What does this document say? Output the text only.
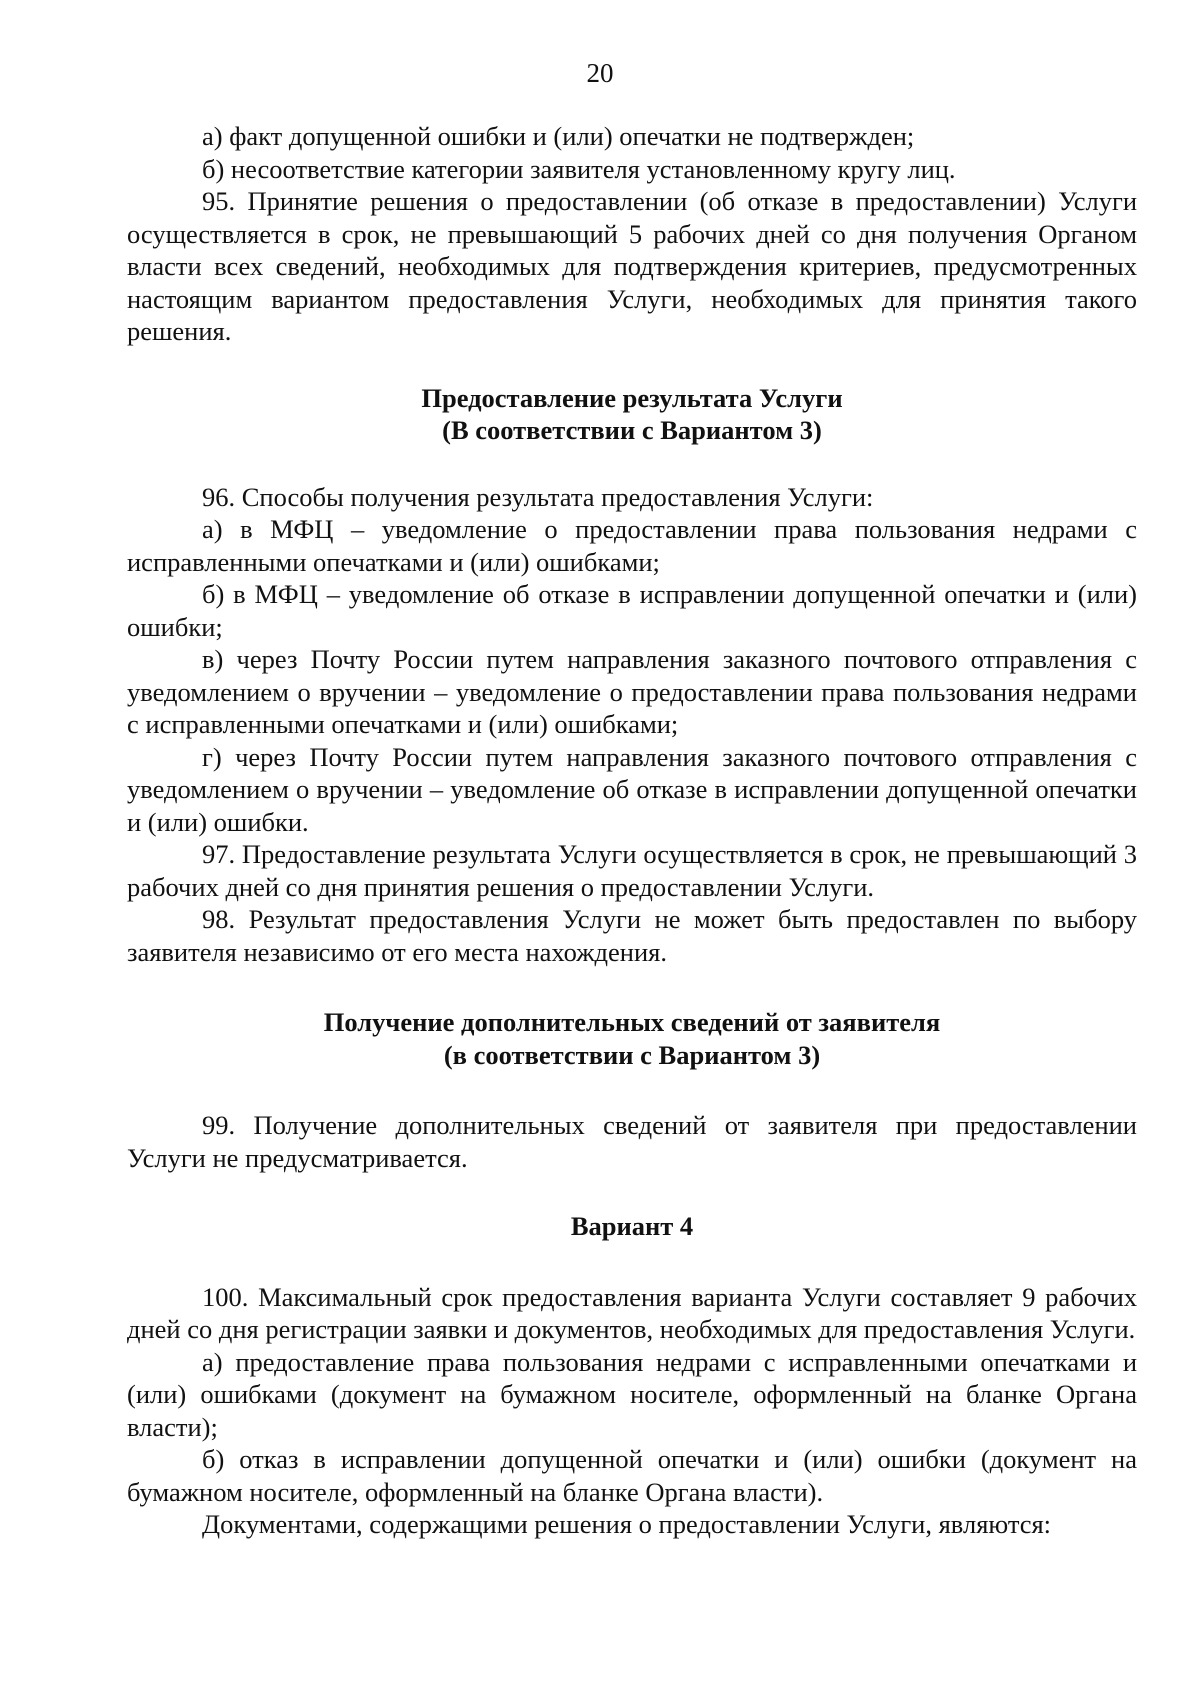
20

а) факт допущенной ошибки и (или) опечатки не подтвержден;

б) несоответствие категории заявителя установленному кругу лиц.

95. Принятие решения о предоставлении (об отказе в предоставлении) Услуги осуществляется в срок, не превышающий 5 рабочих дней со дня получения Органом власти всех сведений, необходимых для подтверждения критериев, предусмотренных настоящим вариантом предоставления Услуги, необходимых для принятия такого решения.

Предоставление результата Услуги

(В соответствии с Вариантом 3)

96. Способы получения результата предоставления Услуги:

а) в МФЦ – уведомление о предоставлении права пользования недрами с исправленными опечатками и (или) ошибками;

б) в МФЦ – уведомление об отказе в исправлении допущенной опечатки и (или) ошибки;

в) через Почту России путем направления заказного почтового отправления с уведомлением о вручении – уведомление о предоставлении права пользования недрами с исправленными опечатками и (или) ошибками;

г) через Почту России путем направления заказного почтового отправления с уведомлением о вручении – уведомление об отказе в исправлении допущенной опечатки и (или) ошибки.

97. Предоставление результата Услуги осуществляется в срок, не превышающий 3 рабочих дней со дня принятия решения о предоставлении Услуги.

98. Результат предоставления Услуги не может быть предоставлен по выбору заявителя независимо от его места нахождения.

Получение дополнительных сведений от заявителя

(в соответствии с Вариантом 3)

99. Получение дополнительных сведений от заявителя при предоставлении Услуги не предусматривается.

Вариант 4

100. Максимальный срок предоставления варианта Услуги составляет 9 рабочих дней со дня регистрации заявки и документов, необходимых для предоставления Услуги.

а) предоставление права пользования недрами с исправленными опечатками и (или) ошибками (документ на бумажном носителе, оформленный на бланке Органа власти);

б) отказ в исправлении допущенной опечатки и (или) ошибки (документ на бумажном носителе, оформленный на бланке Органа власти).

Документами, содержащими решения о предоставлении Услуги, являются:
